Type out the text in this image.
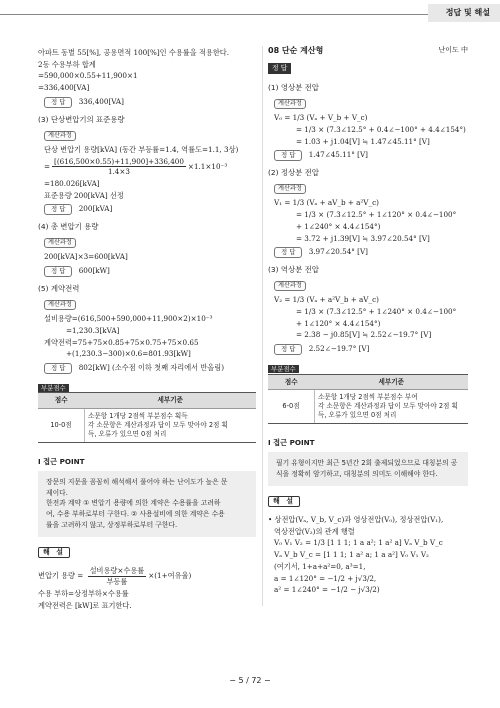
정답 및 해설
아파트 동별 55[%], 공용면적 100[%]인 수용률을 적용한다.
2동 수용부하 합계
=590,000×0.55+11,900×1
=336,400[VA]
정 답 336,400[VA]
(3) 단상변압기의 표준용량
계산과정
단상 변압기 용량[kVA] (동간 부등률=1.4, 역률도=1.1, 3상)
= $\frac{[(616,500\times 0.55)+11,900]+336,400}{1.4\times 3} \times 1.1\times 10^{-3}$
=180.026[kVA]
표준용량 200[kVA] 선정
정 답 200[kVA]
(4) 총 변압기 용량
계산과정
200[kVA]×3=600[kVA]
정 답 600[kW]
(5) 계약전력
계산과정
설비용량=(616,500+590,000+11,900×2)×10⁻³
=1,230.3[kVA]
계약전력=75+75×0.85+75×0.75+75×0.65
+(1,230.3−300)×0.6=801.93[kW]
정 답 802[kW] (소수점 이하 첫째 자리에서 반올림)
부분점수
점수	세부기준
10-0점	소문항 1개당 2점씩 부분점수 획득
각 소문항은 계산과정과 답이 모두 맞아야 2점 획
득, 오류가 있으면 0점 처리
I 접근 POINT
장문의 지문을 꼼꼼히 해석해서 풀어야 하는 난이도가 높은 문
제이다.
한전과 계약 ① 변압기 용량에 의한 계약은 수용률을 고려하
여, 수용 부하로부터 구한다. ② 사용설비에 의한 계약은 수용
률을 고려하지 않고, 상정부하로부터 구한다.
해 설
변압기 용량 = $\frac{\text{설비용량×수용률}}{\text{부등률}} \times(1+$여유율)
수용 부하=상정부하×수용률
계약전력은 [kW]로 표기한다.
08 단순 계산형	난이도 中
정 답
(1) 영상분 전압
계산과정
V₀ = 1/3 (Vₐ + V_b + V_c)
= 1/3 × (7.3∠12.5° + 0.4∠−100° + 4.4∠154°)
= 1.03 + j1.04[V] ≒ 1.47∠45.11° [V]
정 답 1.47∠45.11° [V]
(2) 정상분 전압
계산과정
V₁ = 1/3 (Vₐ + aV_b + a²V_c)
= 1/3 × (7.3∠12.5° + 1∠120° × 0.4∠−100°
+ 1∠240° × 4.4∠154°)
= 3.72 + j1.39[V] ≒ 3.97∠20.54° [V]
정 답 3.97∠20.54° [V]
(3) 역상분 전압
계산과정
V₂ = 1/3 (Vₐ + a²V_b + aV_c)
= 1/3 × (7.3∠12.5° + 1∠240° × 0.4∠−100°
+ 1∠120° × 4.4∠154°)
= 2.38 − j0.85[V] ≒ 2.52∠−19.7° [V]
정 답 2.52∠−19.7° [V]
부분점수
점수	세부기준
6-0점	소문항 1개당 2점씩 부분점수 부여
각 소문항은 계산과정과 답이 모두 맞아야 2점 획
득, 오류가 있으면 0점 처리
I 접근 POINT
필기 유형이지만 최근 5년간 2회 출제되었으므로 대칭분의 공
식을 정확히 암기하고, 대칭분의 의미도 이해해야 한다.
해 설
• 상전압(Vₐ, V_b, V_c)과 영상전압(V₀), 정상전압(V₁),
역상전압(V₂)의 관계 행렬
V₀ V₁ V₂ = 1/3 [1 1 1; 1 a a²; 1 a² a] Vₐ V_b V_c
Vₐ V_b V_c = [1 1 1; 1 a² a; 1 a a²] V₀ V₁ V₂
(여기서, 1+a+a²=0, a³=1,
a = 1∠120° = −1/2 + j√3/2,
a² = 1∠240° = −1/2 − j√3/2)
− 5 / 72 −
